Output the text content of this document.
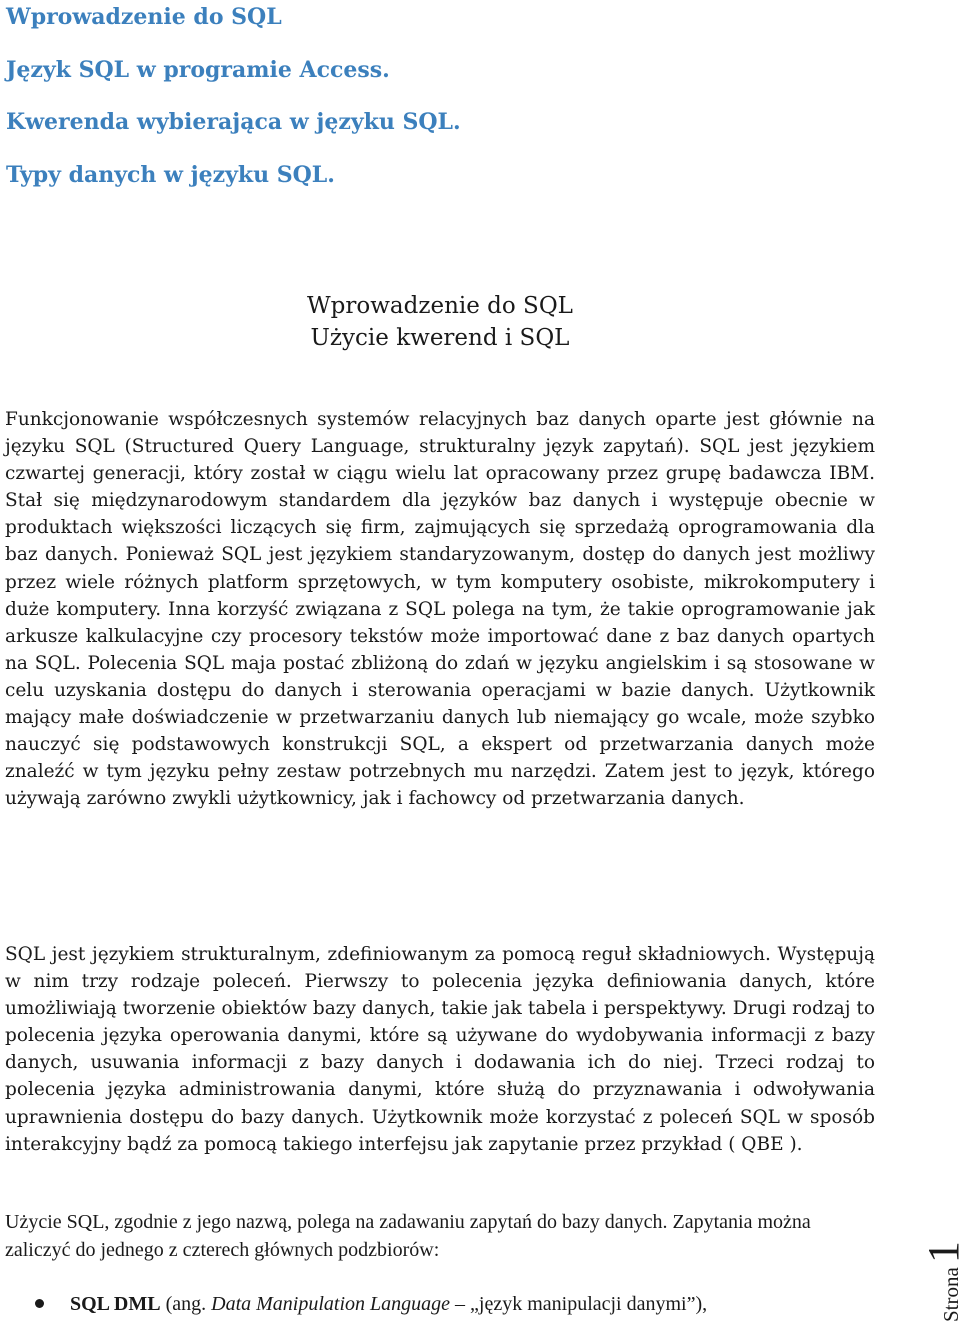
Wprowadzenie do SQL
Język SQL w programie Access.
Kwerenda wybierająca w języku SQL.
Typy danych w języku SQL.
Wprowadzenie do SQL
Użycie kwerend i SQL
Funkcjonowanie współczesnych systemów relacyjnych baz danych oparte jest głównie na języku SQL (Structured Query Language, strukturalny język zapytań). SQL jest językiem czwartej generacji, który został w ciągu wielu lat opracowany przez grupę badawcza IBM. Stał się międzynarodowym standardem dla języków baz danych i występuje obecnie w produktach większości liczących się firm, zajmujących się sprzedażą oprogramowania dla baz danych. Ponieważ SQL jest językiem standaryzowanym, dostęp do danych jest możliwy przez wiele różnych platform sprzętowych, w tym komputery osobiste, mikrokomputery i duże komputery. Inna korzyść związana z SQL polega na tym, że takie oprogramowanie jak arkusze kalkulacyjne czy procesory tekstów może importować dane z baz danych opartych na SQL. Polecenia SQL maja postać zbliżoną do zdań w języku angielskim i są stosowane w celu uzyskania dostępu do danych i sterowania operacjami w bazie danych. Użytkownik mający małe doświadczenie w przetwarzaniu danych lub niemający go wcale, może szybko nauczyć się podstawowych konstrukcji SQL, a ekspert od przetwarzania danych może znaleźć w tym języku pełny zestaw potrzebnych mu narzędzi. Zatem jest to język, którego używają zarówno zwykli użytkownicy, jak i fachowcy od przetwarzania danych.
SQL jest językiem strukturalnym, zdefiniowanym za pomocą reguł składniowych. Występują w nim trzy rodzaje poleceń. Pierwszy to polecenia języka definiowania danych, które umożliwiają tworzenie obiektów bazy danych, takie jak tabela i perspektywy. Drugi rodzaj to polecenia języka operowania danymi, które są używane do wydobywania informacji z bazy danych, usuwania informacji z bazy danych i dodawania ich do niej. Trzeci rodzaj to polecenia języka administrowania danymi, które służą do przyznawania i odwoływania uprawnienia dostępu do bazy danych. Użytkownik może korzystać z poleceń SQL w sposób interakcyjny bądź za pomocą takiego interfejsu jak zapytanie przez przykład ( QBE ).
Użycie SQL, zgodnie z jego nazwą, polega na zadawaniu zapytań do bazy danych. Zapytania można zaliczyć do jednego z czterech głównych podzbiorów:
SQL DML (ang. Data Manipulation Language – „język manipulacji danymi”),	Strona1
